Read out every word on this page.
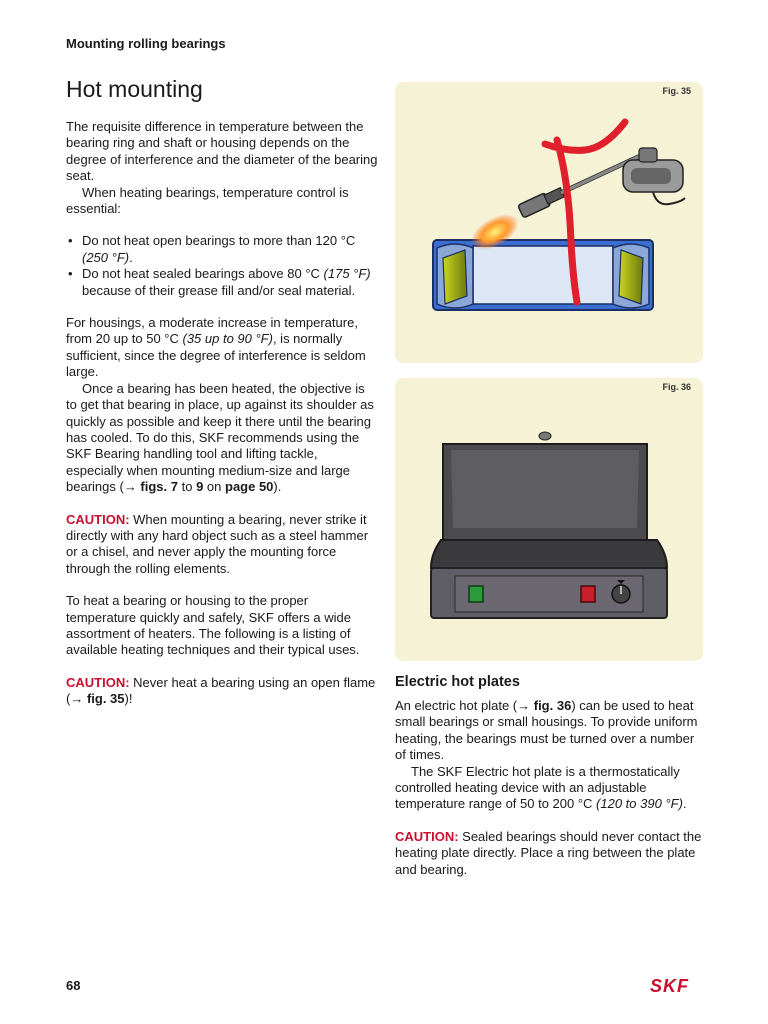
Mounting rolling bearings
Hot mounting

The requisite difference in temperature between the bearing ring and shaft or housing depends on the degree of interference and the diameter of the bearing seat.

When heating bearings, temperature control is essential:

• Do not heat open bearings to more than 120 °C (250 °F).
• Do not heat sealed bearings above 80 °C (175 °F) because of their grease fill and/or seal material.

For housings, a moderate increase in temperature, from 20 up to 50 °C (35 up to 90 °F), is normally sufficient, since the degree of interference is seldom large.

Once a bearing has been heated, the objective is to get that bearing in place, up against its shoulder as quickly as possible and keep it there until the bearing has cooled. To do this, SKF recommends using the SKF Bearing handling tool and lifting tackle, especially when mounting medium-size and large bearings (→ figs. 7 to 9 on page 50).

CAUTION: When mounting a bearing, never strike it directly with any hard object such as a steel hammer or a chisel, and never apply the mounting force through the rolling elements.

To heat a bearing or housing to the proper temperature quickly and safely, SKF offers a wide assortment of heaters. The following is a listing of available heating techniques and their typical uses.

CAUTION: Never heat a bearing using an open flame (→ fig. 35)!

Fig. 35
Fig. 36
Electric hot plates

An electric hot plate (→ fig. 36) can be used to heat small bearings or small housings. To provide uniform heating, the bearings must be turned over a number of times.

The SKF Electric hot plate is a thermostatically controlled heating device with an adjustable temperature range of 50 to 200 °C (120 to 390 °F).

CAUTION: Sealed bearings should never contact the heating plate directly. Place a ring between the plate and bearing.

68	SKF
